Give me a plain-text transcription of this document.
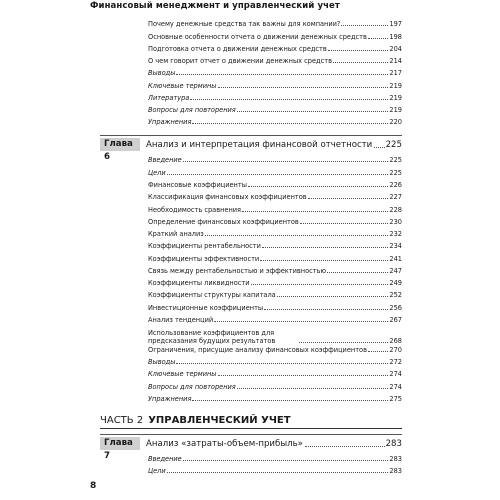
Финансовый менеджмент и управленческий учет
Почему денежные средства так важны для компании?	197
Основные особенности отчета о движении денежных средств	198
Подготовка отчета о движении денежных средств	204
О чем говорит отчет о движении денежных средств	214
Выводы	217
Ключевые термины	219
Литература	219
Вопросы для повторения	219
Упражнения	220
Глава 6
Анализ и интерпретация финансовой отчетности 225
Введение	225
Цели	225
Финансовые коэффициенты	226
Классификация финансовых коэффициентов	227
Необходимость сравнения	228
Определение финансовых коэффициентов	230
Краткий анализ	232
Коэффициенты рентабельности	234
Коэффициенты эффективности	241
Связь между рентабельностью и эффективностью	247
Коэффициенты ликвидности	249
Коэффициенты структуры капитала	252
Инвестиционные коэффициенты	256
Анализ тенденций	267
Использование коэффициентов для предсказания будущих результатов	268
Ограничения, присущие анализу финансовых коэффициентов	270
Выводы	272
Ключевые термины	274
Вопросы для повторения	274
Упражнения	275
ЧАСТЬ 2 УПРАВЛЕНЧЕСКИЙ УЧЕТ
Глава 7
Анализ «затраты-объем-прибыль»	283
Введение	283
Цели	283
8
